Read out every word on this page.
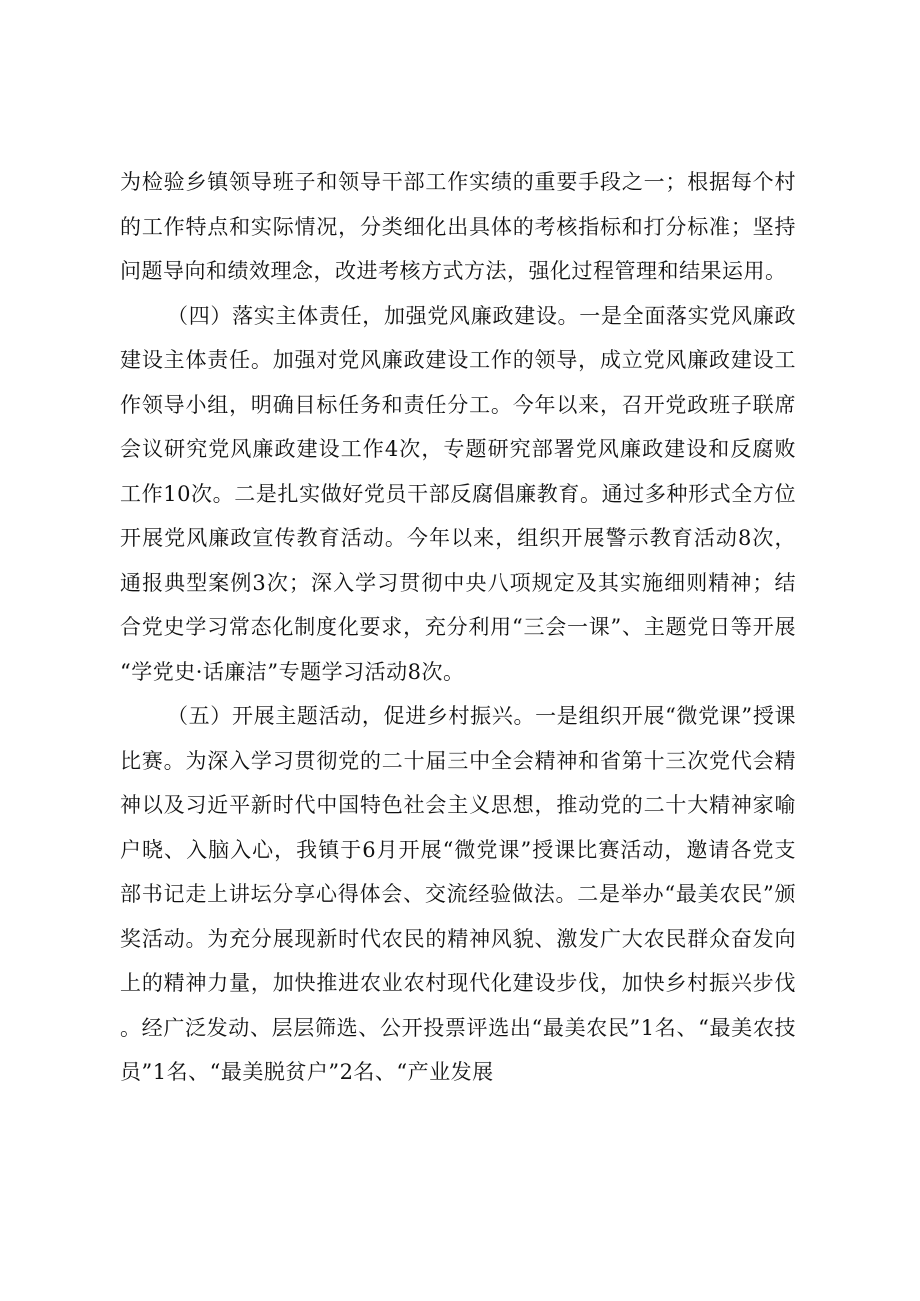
为检验乡镇领导班子和领导干部工作实绩的重要手段之一；根据每个村的工作特点和实际情况，分类细化出具体的考核指标和打分标准；坚持问题导向和绩效理念，改进考核方式方法，强化过程管理和结果运用。

（四）落实主体责任，加强党风廉政建设。一是全面落实党风廉政建设主体责任。加强对党风廉政建设工作的领导，成立党风廉政建设工作领导小组，明确目标任务和责任分工。今年以来，召开党政班子联席会议研究党风廉政建设工作4次，专题研究部署党风廉政建设和反腐败工作10次。二是扎实做好党员干部反腐倡廉教育。通过多种形式全方位开展党风廉政宣传教育活动。今年以来，组织开展警示教育活动8次，通报典型案例3次；深入学习贯彻中央八项规定及其实施细则精神；结合党史学习常态化制度化要求，充分利用“三会一课”、主题党日等开展“学党史·话廉洁”专题学习活动8次。

（五）开展主题活动，促进乡村振兴。一是组织开展“微党课”授课比赛。为深入学习贯彻党的二十届三中全会精神和省第十三次党代会精神以及习近平新时代中国特色社会主义思想，推动党的二十大精神家喻户晓、入脑入心，我镇于6月开展“微党课”授课比赛活动，邀请各党支部书记走上讲坛分享心得体会、交流经验做法。二是举办“最美农民”颁奖活动。为充分展现新时代农民的精神风貌、激发广大农民群众奋发向上的精神力量，加快推进农业农村现代化建设步伐，加快乡村振兴步伐。经广泛发动、层层筛选、公开投票评选出“最美农民”1名、“最美农技员”1名、“最美脱贫户”2名、“产业发展
